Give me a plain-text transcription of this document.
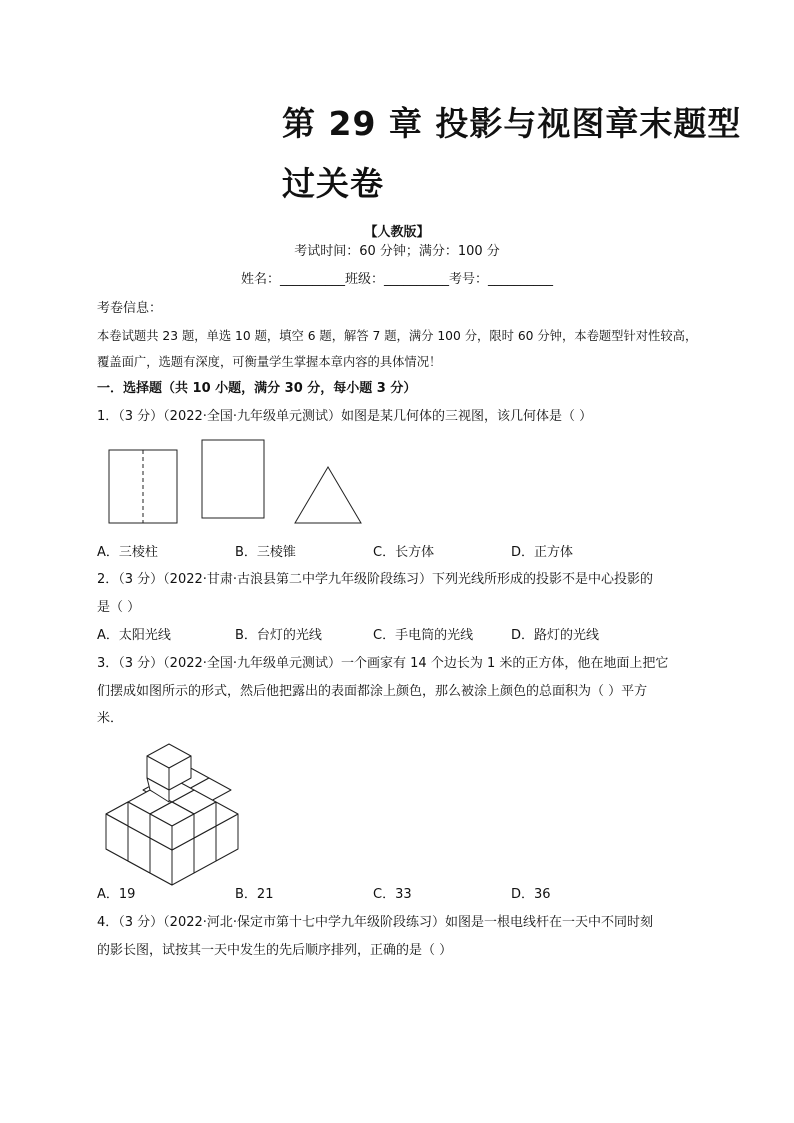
第 29 章 投影与视图章末题型
过关卷
【人教版】
考试时间：60 分钟；满分：100 分
姓名：__________班级：__________考号：__________
考卷信息：
本卷试题共 23 题，单选 10 题，填空 6 题，解答 7 题，满分 100 分，限时 60 分钟，本卷题型针对性较高，
覆盖面广，选题有深度，可衡量学生掌握本章内容的具体情况！
一．选择题（共 10 小题，满分 30 分，每小题 3 分）
1．（3 分）（2022·全国·九年级单元测试）如图是某几何体的三视图，该几何体是（ ）
A．三棱柱	B．三棱锥	C．长方体	D．正方体
2．（3 分）（2022·甘肃·古浪县第二中学九年级阶段练习）下列光线所形成的投影不是中心投影的
是（ ）
A．太阳光线	B．台灯的光线	C．手电筒的光线	D．路灯的光线
3．（3 分）（2022·全国·九年级单元测试）一个画家有 14 个边长为 1 米的正方体，他在地面上把它
们摆成如图所示的形式，然后他把露出的表面都涂上颜色，那么被涂上颜色的总面积为（ ）平方
米．
A．19	B．21	C．33	D．36
4．（3 分）（2022·河北·保定市第十七中学九年级阶段练习）如图是一根电线杆在一天中不同时刻
的影长图，试按其一天中发生的先后顺序排列，正确的是（ ）
